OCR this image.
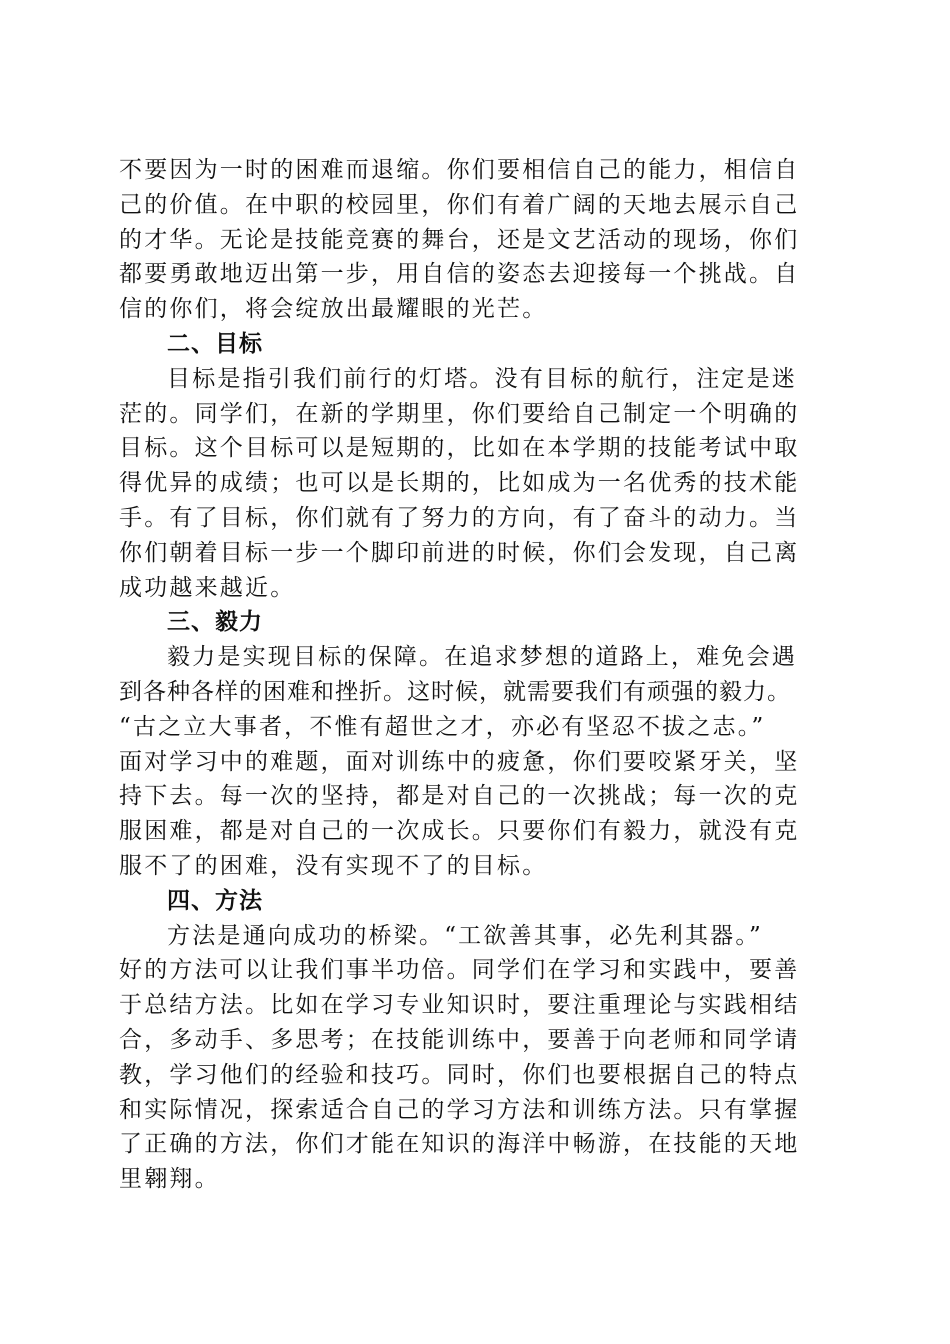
不要因为一时的困难而退缩。你们要相信自己的能力，相信自
己的价值。在中职的校园里，你们有着广阔的天地去展示自己
的才华。无论是技能竞赛的舞台，还是文艺活动的现场，你们
都要勇敢地迈出第一步，用自信的姿态去迎接每一个挑战。自
信的你们，将会绽放出最耀眼的光芒。
二、目标
目标是指引我们前行的灯塔。没有目标的航行，注定是迷
茫的。同学们，在新的学期里，你们要给自己制定一个明确的
目标。这个目标可以是短期的，比如在本学期的技能考试中取
得优异的成绩；也可以是长期的，比如成为一名优秀的技术能
手。有了目标，你们就有了努力的方向，有了奋斗的动力。当
你们朝着目标一步一个脚印前进的时候，你们会发现，自己离
成功越来越近。
三、毅力
毅力是实现目标的保障。在追求梦想的道路上，难免会遇
到各种各样的困难和挫折。这时候，就需要我们有顽强的毅力。
“古之立大事者，不惟有超世之才，亦必有坚忍不拔之志。”
面对学习中的难题，面对训练中的疲惫，你们要咬紧牙关，坚
持下去。每一次的坚持，都是对自己的一次挑战；每一次的克
服困难，都是对自己的一次成长。只要你们有毅力，就没有克
服不了的困难，没有实现不了的目标。
四、方法
方法是通向成功的桥梁。“工欲善其事，必先利其器。”
好的方法可以让我们事半功倍。同学们在学习和实践中，要善
于总结方法。比如在学习专业知识时，要注重理论与实践相结
合，多动手、多思考；在技能训练中，要善于向老师和同学请
教，学习他们的经验和技巧。同时，你们也要根据自己的特点
和实际情况，探索适合自己的学习方法和训练方法。只有掌握
了正确的方法，你们才能在知识的海洋中畅游，在技能的天地
里翱翔。
